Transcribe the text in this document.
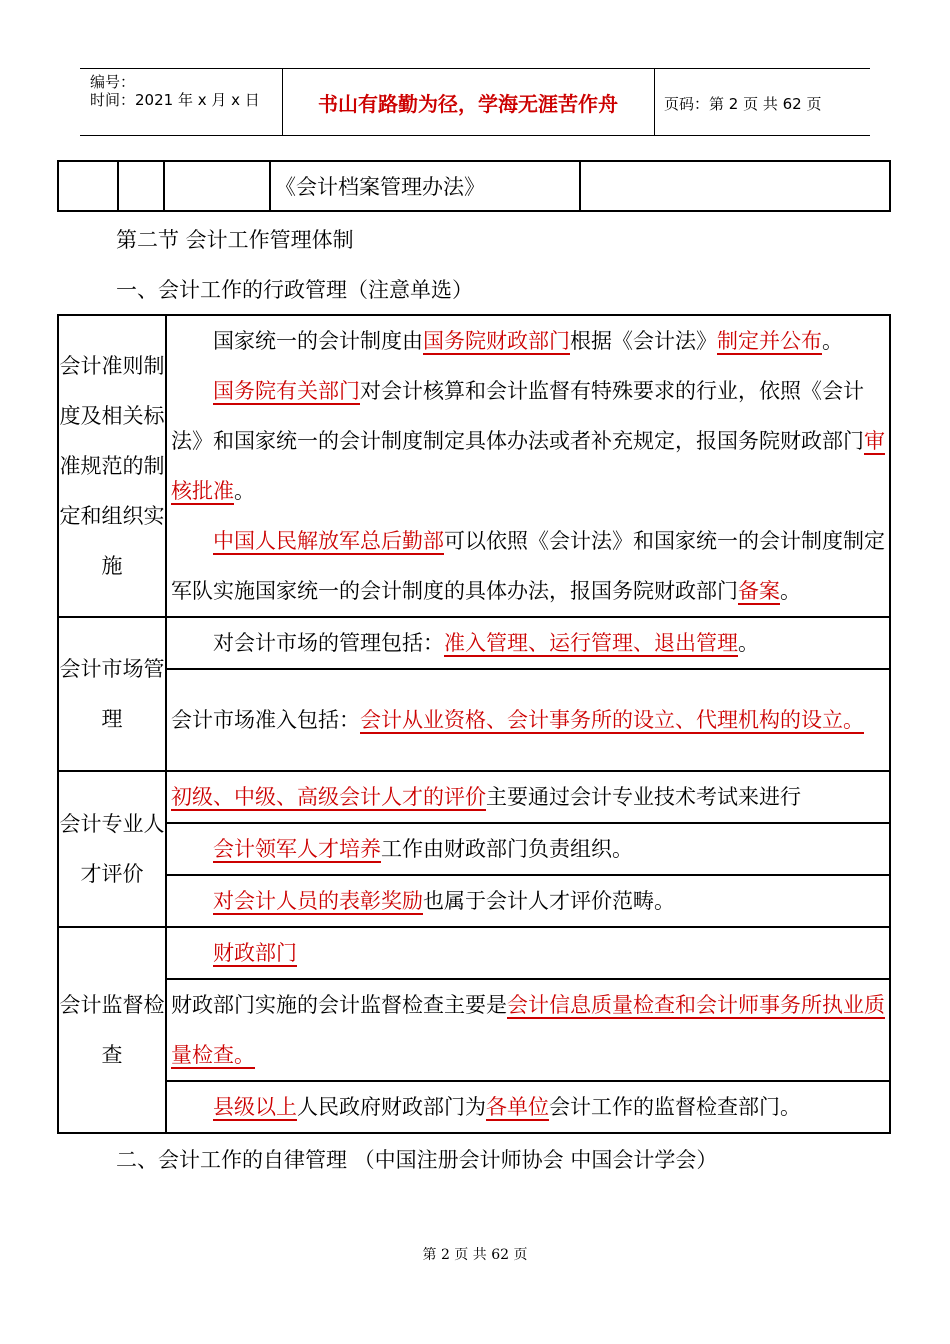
编号：
时间：2021 年 x 月 x 日	书山有路勤为径，学海无涯苦作舟	页码：第 2 页 共 62 页
			《会计档案管理办法》	
第二节 会计工作管理体制
一、会计工作的行政管理（注意单选）
会计准则制度及相关标准规范的制定和组织实施	国家统一的会计制度由国务院财政部门根据《会计法》制定并公布。
国务院有关部门对会计核算和会计监督有特殊要求的行业，依照《会计法》和国家统一的会计制度制定具体办法或者补充规定，报国务院财政部门审核批准。
中国人民解放军总后勤部可以依照《会计法》和国家统一的会计制度制定军队实施国家统一的会计制度的具体办法，报国务院财政部门备案。

会计市场管理	对会计市场的管理包括：准入管理、运行管理、退出管理。
	会计市场准入包括：会计从业资格、会计事务所的设立、代理机构的设立。
会计专业人才评价	初级、中级、高级会计人才的评价主要通过会计专业技术考试来进行
	会计领军人才培养工作由财政部门负责组织。
	对会计人员的表彰奖励也属于会计人才评价范畴。
会计监督检查	财政部门
	财政部门实施的会计监督检查主要是会计信息质量检查和会计师事务所执业质量检查。
	县级以上人民政府财政部门为各单位会计工作的监督检查部门。
二、会计工作的自律管理 （中国注册会计师协会 中国会计学会）
第 2 页 共 62 页
